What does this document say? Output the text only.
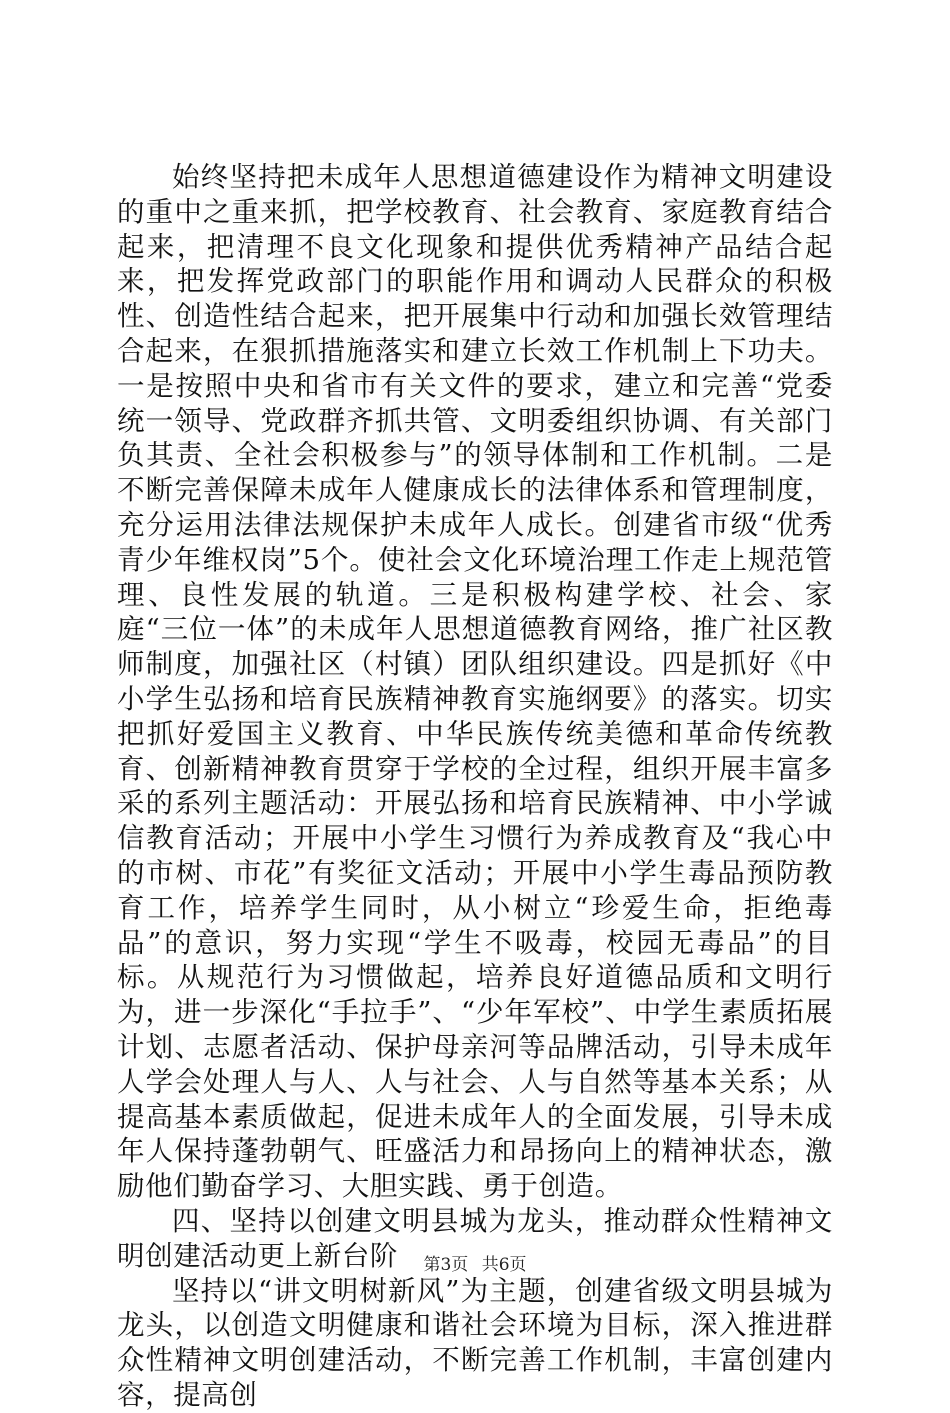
始终坚持把未成年人思想道德建设作为精神文明建设的重中之重来抓，把学校教育、社会教育、家庭教育结合起来，把清理不良文化现象和提供优秀精神产品结合起来，把发挥党政部门的职能作用和调动人民群众的积极性、创造性结合起来，把开展集中行动和加强长效管理结合起来，在狠抓措施落实和建立长效工作机制上下功夫。一是按照中央和省市有关文件的要求，建立和完善“党委统一领导、党政群齐抓共管、文明委组织协调、有关部门负其责、全社会积极参与”的领导体制和工作机制。二是不断完善保障未成年人健康成长的法律体系和管理制度，充分运用法律法规保护未成年人成长。创建省市级“优秀青少年维权岗”5个。使社会文化环境治理工作走上规范管理、良性发展的轨道。三是积极构建学校、社会、家庭“三位一体”的未成年人思想道德教育网络，推广社区教师制度，加强社区（村镇）团队组织建设。四是抓好《中小学生弘扬和培育民族精神教育实施纲要》的落实。切实把抓好爱国主义教育、中华民族传统美德和革命传统教育、创新精神教育贯穿于学校的全过程，组织开展丰富多采的系列主题活动：开展弘扬和培育民族精神、中小学诚信教育活动；开展中小学生习惯行为养成教育及“我心中的市树、市花”有奖征文活动；开展中小学生毒品预防教育工作，培养学生同时，从小树立“珍爱生命，拒绝毒品”的意识，努力实现“学生不吸毒，校园无毒品”的目标。从规范行为习惯做起，培养良好道德品质和文明行为，进一步深化“手拉手”、“少年军校”、中学生素质拓展计划、志愿者活动、保护母亲河等品牌活动，引导未成年人学会处理人与人、人与社会、人与自然等基本关系；从提高基本素质做起，促进未成年人的全面发展，引导未成年人保持蓬勃朝气、旺盛活力和昂扬向上的精神状态，激励他们勤奋学习、大胆实践、勇于创造。

四、坚持以创建文明县城为龙头，推动群众性精神文明创建活动更上新台阶

坚持以“讲文明树新风”为主题，创建省级文明县城为龙头，以创造文明健康和谐社会环境为目标，深入推进群众性精神文明创建活动，不断完善工作机制，丰富创建内容，提高创

第3页 共6页
